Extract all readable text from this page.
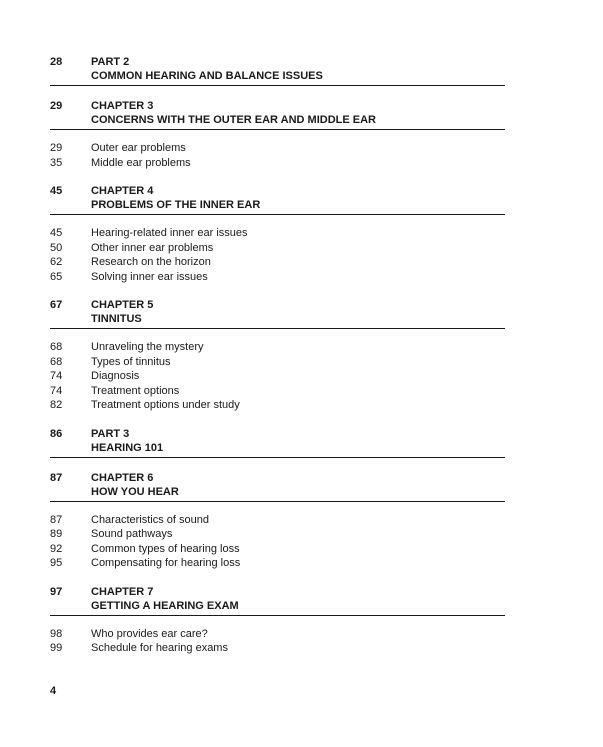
28	PART 2
COMMON HEARING AND BALANCE ISSUES
29	CHAPTER 3
CONCERNS WITH THE OUTER EAR AND MIDDLE EAR
29	Outer ear problems
35	Middle ear problems
45	CHAPTER 4
PROBLEMS OF THE INNER EAR
45	Hearing-related inner ear issues
50	Other inner ear problems
62	Research on the horizon
65	Solving inner ear issues
67	CHAPTER 5
TINNITUS
68	Unraveling the mystery
68	Types of tinnitus
74	Diagnosis
74	Treatment options
82	Treatment options under study
86	PART 3
HEARING 101
87	CHAPTER 6
HOW YOU HEAR
87	Characteristics of sound
89	Sound pathways
92	Common types of hearing loss
95	Compensating for hearing loss
97	CHAPTER 7
GETTING A HEARING EXAM
98	Who provides ear care?
99	Schedule for hearing exams
4
